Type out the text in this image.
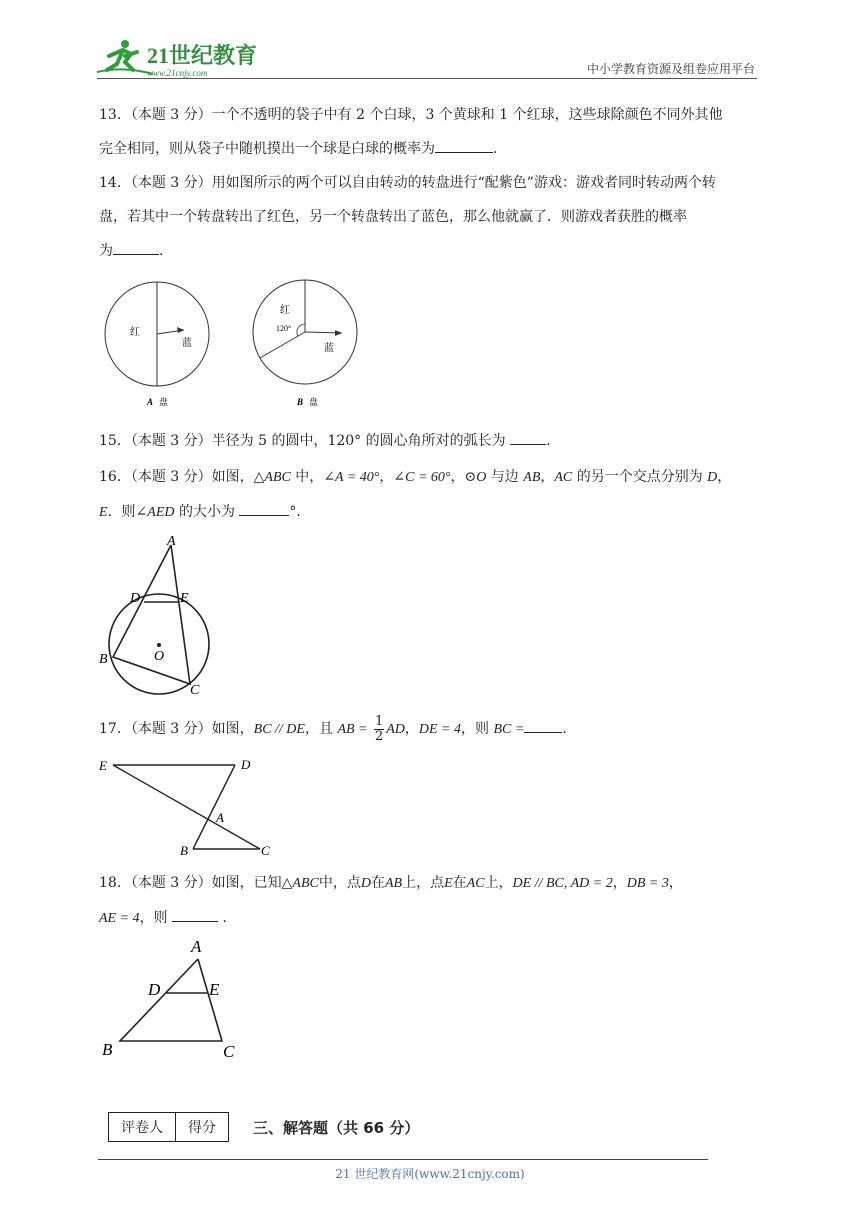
21世纪教育
www.21cnjy.com	中小学教育资源及组卷应用平台
13．（本题 3 分）一个不透明的袋子中有 2 个白球，3 个黄球和 1 个红球，这些球除颜色不同外其他
完全相同，则从袋子中随机摸出一个球是白球的概率为	.
14．（本题 3 分）用如图所示的两个可以自由转动的转盘进行“配紫色”游戏：游戏者同时转动两个转
盘，若其中一个转盘转出了红色，另一个转盘转出了蓝色，那么他就赢了．则游戏者获胜的概率
为	.
红
蓝
A 盘
红
120°
蓝
B 盘
15．（本题 3 分）半径为 5 的圆中，120° 的圆心角所对的弧长为	.
16．（本题 3 分）如图，△ABC 中，∠A = 40°，∠C = 60°，⊙O 与边 AB，AC 的另一个交点分别为 D，
E．则∠AED 的大小为	°．
A
B
C
D	E
O
17．（本题 3 分）如图，BC // DE，且 AB = $\frac{1}{2}$ AD，DE = 4，则 BC =	.
E	D
A
B	C
18．（本题 3 分）如图，已知△ABC中，点D在AB上，点E在AC上，DE // BC, AD = 2，DB = 3，
AE = 4，则	．
A
D	E
B	C
评卷人	得分	三、解答题（共 66 分）
21 世纪教育网(www.21cnjy.com)
